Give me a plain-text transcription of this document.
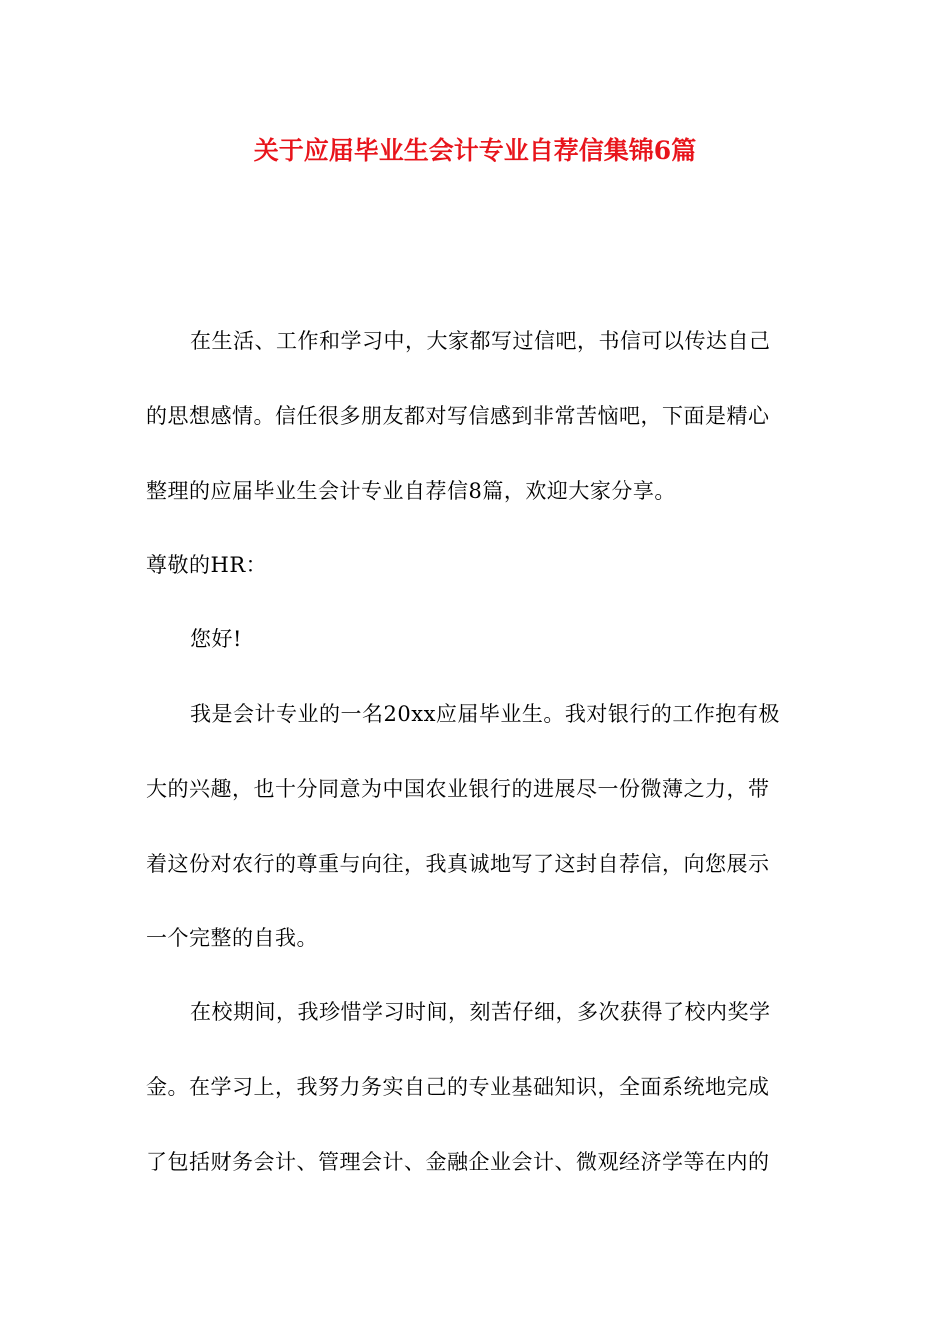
关于应届毕业生会计专业自荐信集锦6篇

在生活、工作和学习中，大家都写过信吧，书信可以传达自己

的思想感情。信任很多朋友都对写信感到非常苦恼吧，下面是精心

整理的应届毕业生会计专业自荐信8篇，欢迎大家分享。

尊敬的HR：

您好!

我是会计专业的一名20xx应届毕业生。我对银行的工作抱有极

大的兴趣，也十分同意为中国农业银行的进展尽一份微薄之力，带

着这份对农行的尊重与向往，我真诚地写了这封自荐信，向您展示

一个完整的自我。

在校期间，我珍惜学习时间，刻苦仔细，多次获得了校内奖学

金。在学习上，我努力务实自己的专业基础知识，全面系统地完成

了包括财务会计、管理会计、金融企业会计、微观经济学等在内的
